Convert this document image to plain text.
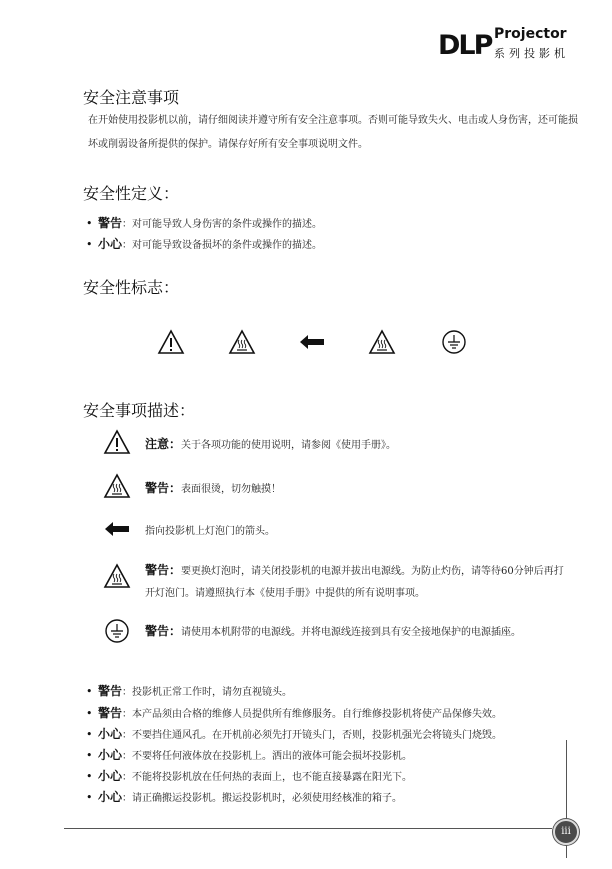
DLP Projector
系列投影机
安全注意事项
在开始使用投影机以前，请仔细阅读并遵守所有安全注意事项。否则可能导致失火、电击或人身伤害，还可能损坏或削弱设备所提供的保护。请保存好所有安全事项说明文件。
安全性定义：
• 警告：对可能导致人身伤害的条件或操作的描述。
• 小心：对可能导致设备损坏的条件或操作的描述。
安全性标志：
安全事项描述：
注意：关于各项功能的使用说明，请参阅《使用手册》。
警告：表面很烫，切勿触摸！
指向投影机上灯泡门的箭头。
警告：要更换灯泡时，请关闭投影机的电源并拔出电源线。为防止灼伤，请等待60分钟后再打开灯泡门。请遵照执行本《使用手册》中提供的所有说明事项。
警告：请使用本机附带的电源线。并将电源线连接到具有安全接地保护的电源插座。
• 警告：投影机正常工作时，请勿直视镜头。
• 警告：本产品须由合格的维修人员提供所有维修服务。自行维修投影机将使产品保修失效。
• 小心：不要挡住通风孔。在开机前必须先打开镜头门，否则，投影机强光会将镜头门烧毁。
• 小心：不要将任何液体放在投影机上。洒出的液体可能会损坏投影机。
• 小心：不能将投影机放在任何热的表面上，也不能直接暴露在阳光下。
• 小心：请正确搬运投影机。搬运投影机时，必须使用经核准的箱子。
iii
